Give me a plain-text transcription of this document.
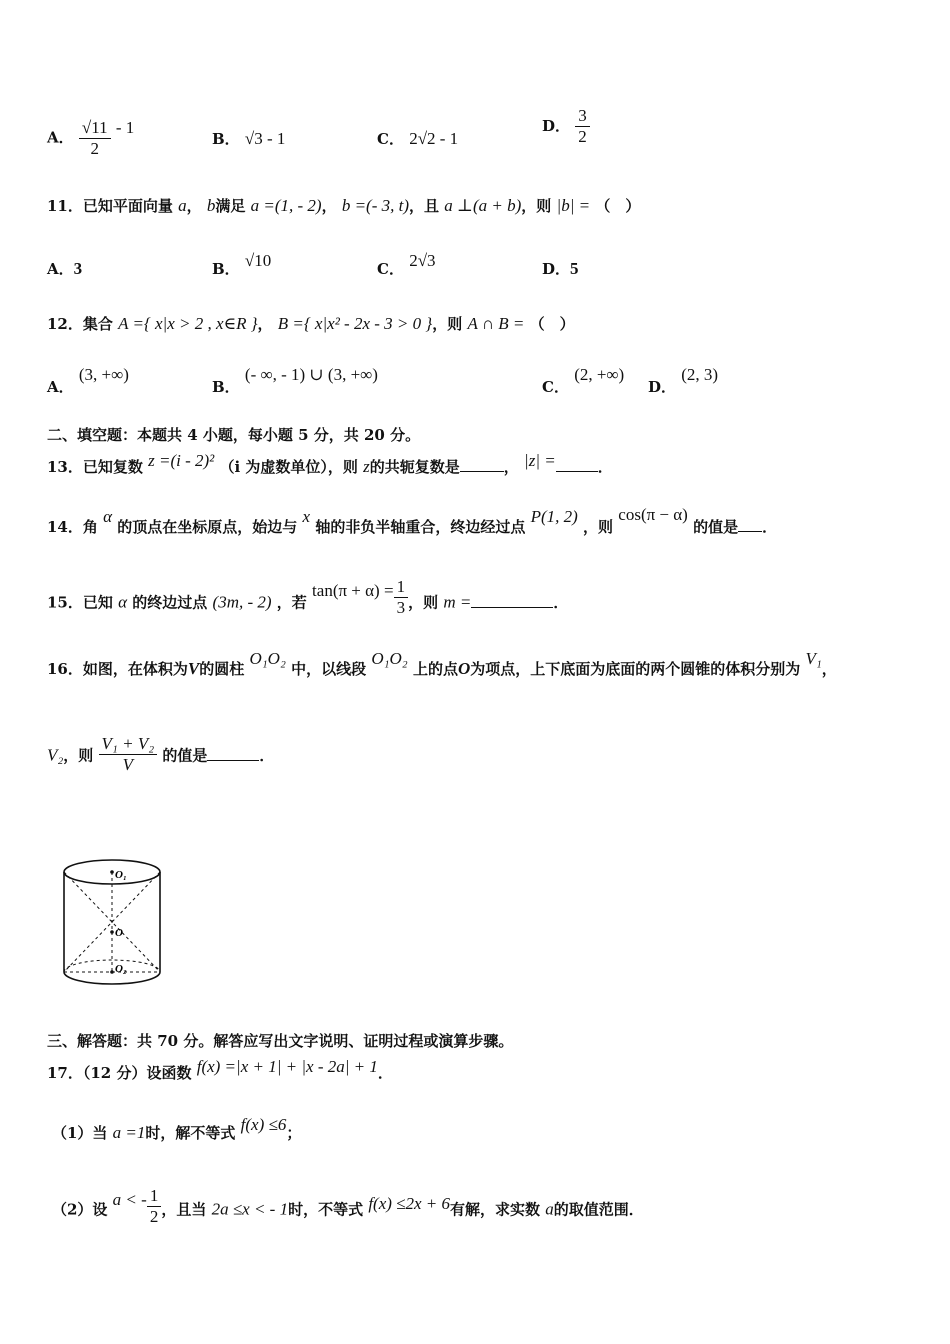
A． $\frac{√11}{2} - 1$
B． √3 - 1	C． 2√2 - 1
D． $\frac{3}{2}$
11．已知平面向量 a， b满足 a =(1, - 2)， b =(- 3, t)，且 a ⊥(a + b)，则 |b| = （　）
A．3	B． √10	C． 2√3	D．5
12．集合 A ={ x|x > 2 , x∈R }， B ={ x|x² - 2x - 3 > 0 }，则 A ∩ B = （　）
A． (3, +∞)
B． (- ∞, - 1) ∪ (3, +∞)
C． (2, +∞)
D． (2, 3)
二、填空题：本题共 4 小题，每小题 5 分，共 20 分。
13．已知复数 z =(i - 2)² （i 为虚数单位），则 z的共轭复数是	， |z| =	．
14．角 α 的顶点在坐标原点，始边与 x 轴的非负半轴重合，终边经过点 P(1, 2) ，则 cos(π − α) 的值是 ．
15．已知 α 的终边过点 (3m, - 2) ，若 $\tan(\pi + \alpha) = \frac{1}{3}$ ，则 m =	．
16．如图，在体积为V的圆柱 O₁O₂ 中，以线段 O₁O₂ 上的点O为项点，上下底面为底面的两个圆锥的体积分别为 V₁，
V₂，则 $\frac{\text{V₁ + V₂}}{V}$ 的值是	．
O₁
O
O₂
三、解答题：共 70 分。解答应写出文字说明、证明过程或演算步骤。
17．（12 分）设函数 f(x) =|x + 1| + |x - 2a| + 1．
（1）当 a =1时，解不等式 f(x) ≤6；
（2）设 a < - $\frac{1}{2}$ ，且当 2a ≤x < - 1时，不等式 f(x) ≤2x + 6有解，求实数 a的取值范围．
